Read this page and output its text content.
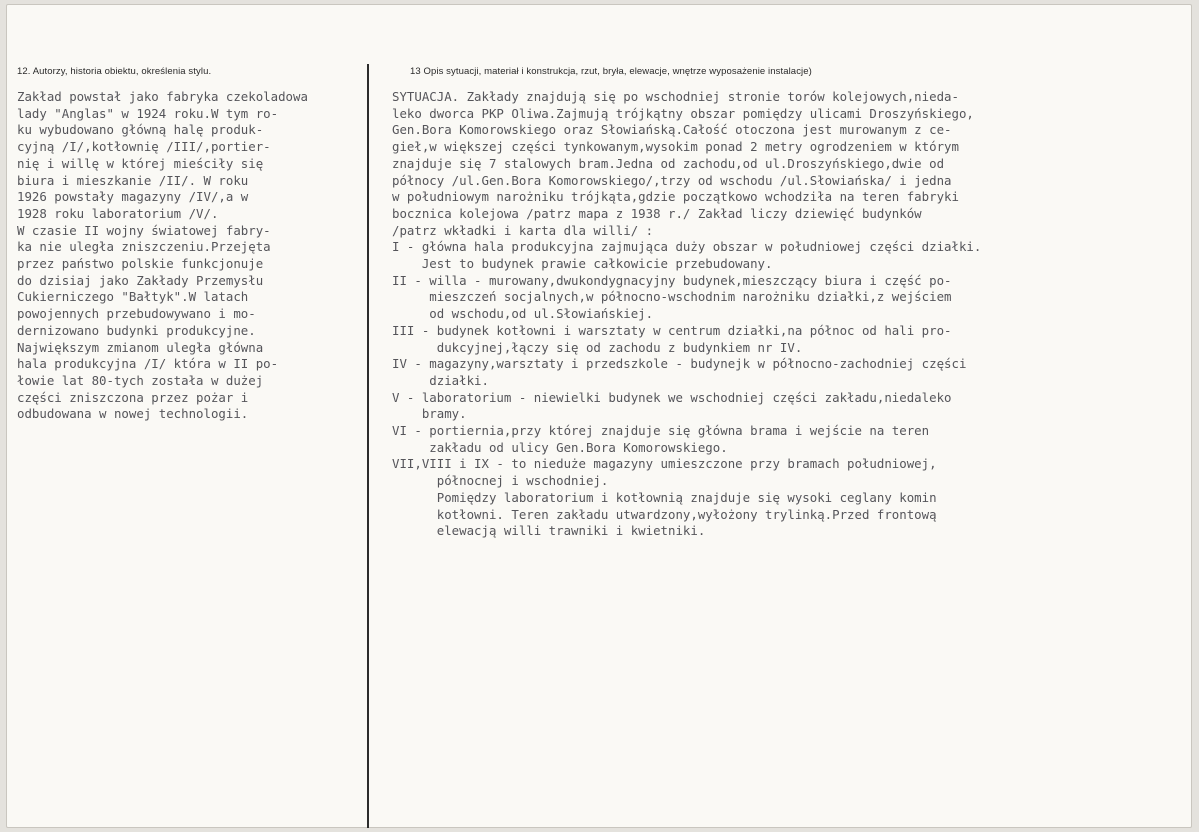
12. Autorzy, historia obiektu, określenia stylu.	13 Opis sytuacji, materiał i konstrukcja, rzut, bryła, elewacje, wnętrze wyposażenie instalacje)
Zakład powstał jako fabryka czekoladowa
lady "Anglas" w 1924 roku.W tym ro-
ku wybudowano główną halę produk-
cyjną /I/,kotłownię /III/,portier-
nię i willę w której mieściły się
biura i mieszkanie /II/. W roku
1926 powstały magazyny /IV/,a w
1928 roku laboratorium /V/.
W czasie II wojny światowej fabry-
ka nie uległa zniszczeniu.Przejęta
przez państwo polskie funkcjonuje
do dzisiaj jako Zakłady Przemysłu
Cukierniczego "Bałtyk".W latach
powojennych przebudowywano i mo-
dernizowano budynki produkcyjne.
Największym zmianom uległa główna
hala produkcyjna /I/ która w II po-
łowie lat 80-tych została w dużej
części zniszczona przez pożar i
odbudowana w nowej technologii.
SYTUACJA. Zakłady znajdują się po wschodniej stronie torów kolejowych,nieda-
leko dworca PKP Oliwa.Zajmują trójkątny obszar pomiędzy ulicami Droszyńskiego,
Gen.Bora Komorowskiego oraz Słowiańską.Całość otoczona jest murowanym z ce-
gieł,w większej części tynkowanym,wysokim ponad 2 metry ogrodzeniem w którym
znajduje się 7 stalowych bram.Jedna od zachodu,od ul.Droszyńskiego,dwie od
północy /ul.Gen.Bora Komorowskiego/,trzy od wschodu /ul.Słowiańska/ i jedna
w południowym narożniku trójkąta,gdzie początkowo wchodziła na teren fabryki
bocznica kolejowa /patrz mapa z 1938 r./ Zakład liczy dziewięć budynków
/patrz wkładki i karta dla willi/ :
I - główna hala produkcyjna zajmująca duży obszar w południowej części działki.
Jest to budynek prawie całkowicie przebudowany.
II - willa - murowany,dwukondygnacyjny budynek,mieszczący biura i część po-
mieszczeń socjalnych,w północno-wschodnim narożniku działki,z wejściem
od wschodu,od ul.Słowiańskiej.
III - budynek kotłowni i warsztaty w centrum działki,na północ od hali pro-
dukcyjnej,łączy się od zachodu z budynkiem nr IV.
IV - magazyny,warsztaty i przedszkole - budynejk w północno-zachodniej części
działki.
V - laboratorium - niewielki budynek we wschodniej części zakładu,niedaleko
bramy.
VI - portiernia,przy której znajduje się główna brama i wejście na teren
zakładu od ulicy Gen.Bora Komorowskiego.
VII,VIII i IX - to nieduże magazyny umieszczone przy bramach południowej,
północnej i wschodniej.
Pomiędzy laboratorium i kotłownią znajduje się wysoki ceglany komin
kotłowni. Teren zakładu utwardzony,wyłożony trylinką.Przed frontową
elewacją willi trawniki i kwietniki.
